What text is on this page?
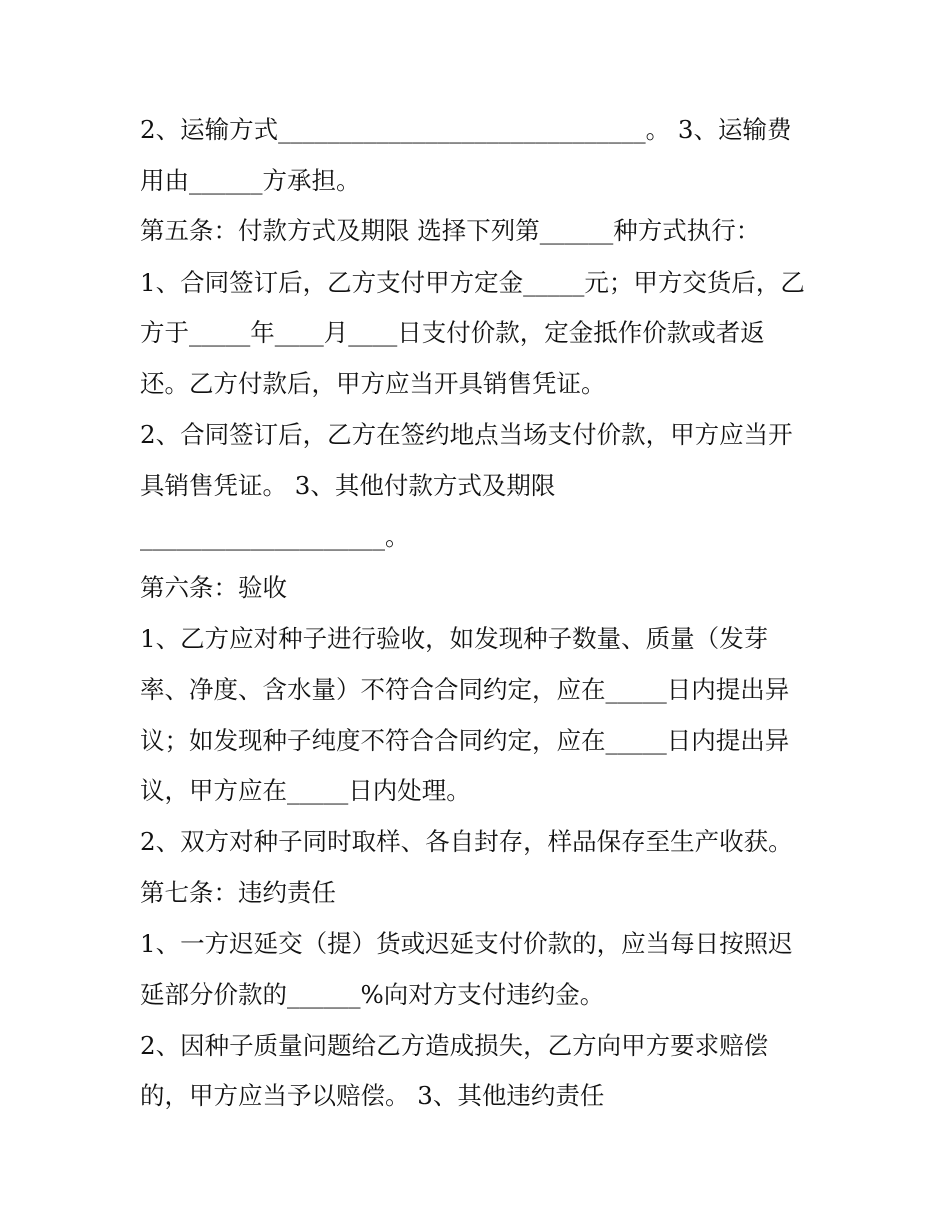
2、运输方式______________________________。 3、运输费

用由______方承担。

第五条：付款方式及期限 选择下列第______种方式执行：

1、合同签订后，乙方支付甲方定金_____元；甲方交货后，乙

方于_____年____月____日支付价款，定金抵作价款或者返

还。乙方付款后，甲方应当开具销售凭证。

2、合同签订后，乙方在签约地点当场支付价款，甲方应当开

具销售凭证。 3、其他付款方式及期限

____________________。

第六条：验收

1、乙方应对种子进行验收，如发现种子数量、质量（发芽

率、净度、含水量）不符合合同约定，应在_____日内提出异

议；如发现种子纯度不符合合同约定，应在_____日内提出异

议，甲方应在_____日内处理。

2、双方对种子同时取样、各自封存，样品保存至生产收获。

第七条：违约责任

1、一方迟延交（提）货或迟延支付价款的，应当每日按照迟

延部分价款的______%向对方支付违约金。

2、因种子质量问题给乙方造成损失，乙方向甲方要求赔偿

的，甲方应当予以赔偿。 3、其他违约责任
